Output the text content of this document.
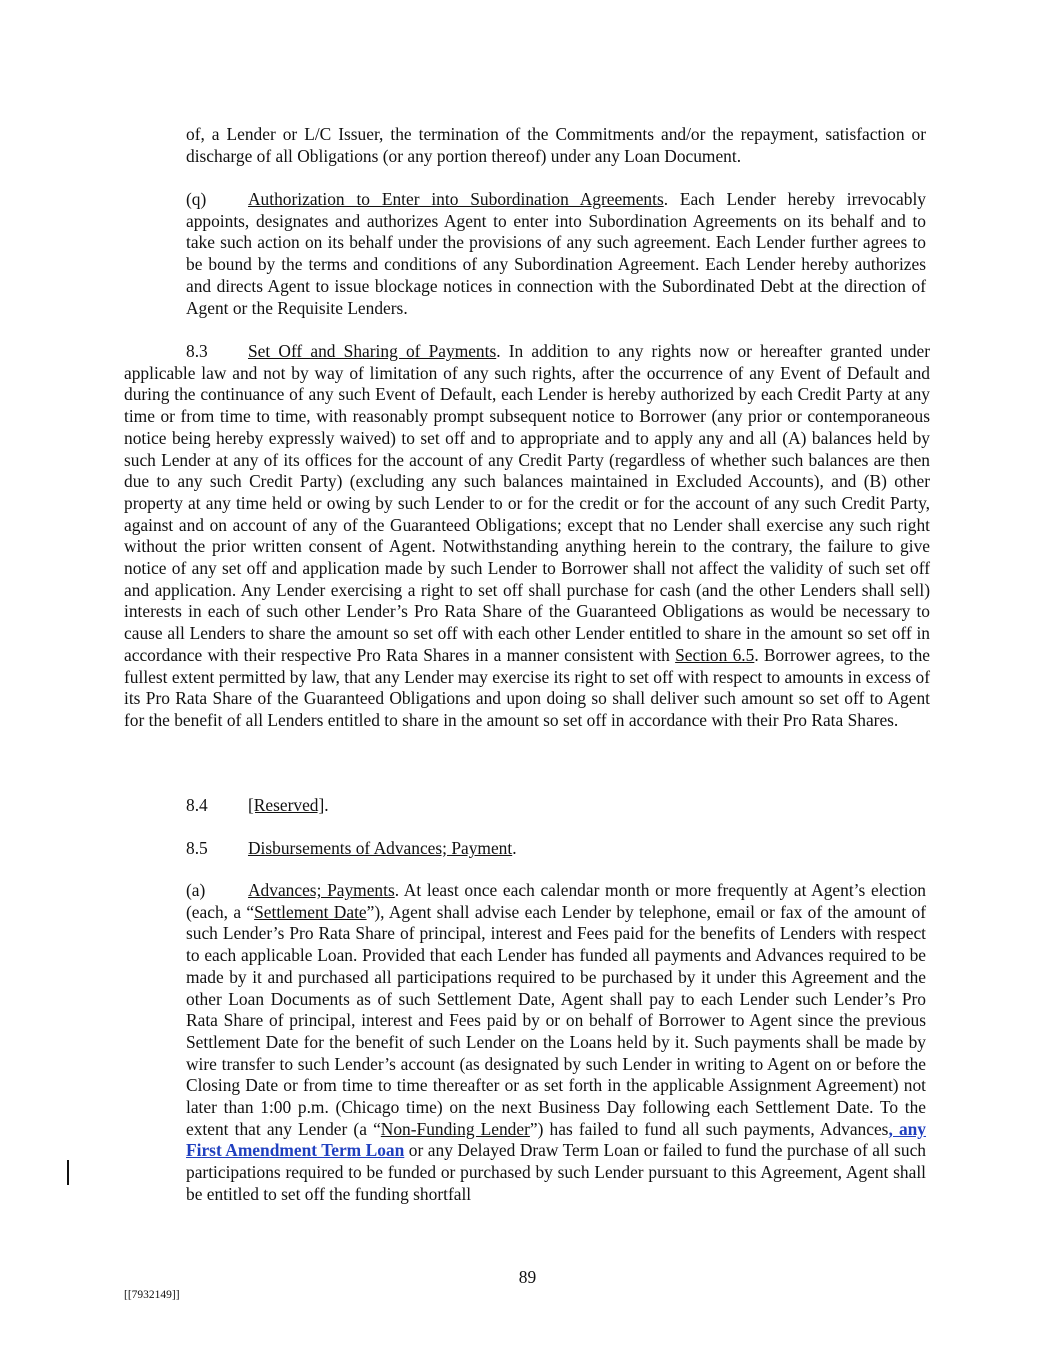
of, a Lender or L/C Issuer, the termination of the Commitments and/or the repayment, satisfaction or discharge of all Obligations (or any portion thereof) under any Loan Document.

(q) Authorization to Enter into Subordination Agreements. Each Lender hereby irrevocably appoints, designates and authorizes Agent to enter into Subordination Agreements on its behalf and to take such action on its behalf under the provisions of any such agreement. Each Lender further agrees to be bound by the terms and conditions of any Subordination Agreement. Each Lender hereby authorizes and directs Agent to issue blockage notices in connection with the Subordinated Debt at the direction of Agent or the Requisite Lenders.

8.3 Set Off and Sharing of Payments. In addition to any rights now or hereafter granted under applicable law and not by way of limitation of any such rights, after the occurrence of any Event of Default and during the continuance of any such Event of Default, each Lender is hereby authorized by each Credit Party at any time or from time to time, with reasonably prompt subsequent notice to Borrower (any prior or contemporaneous notice being hereby expressly waived) to set off and to appropriate and to apply any and all (A) balances held by such Lender at any of its offices for the account of any Credit Party (regardless of whether such balances are then due to any such Credit Party) (excluding any such balances maintained in Excluded Accounts), and (B) other property at any time held or owing by such Lender to or for the credit or for the account of any such Credit Party, against and on account of any of the Guaranteed Obligations; except that no Lender shall exercise any such right without the prior written consent of Agent. Notwithstanding anything herein to the contrary, the failure to give notice of any set off and application made by such Lender to Borrower shall not affect the validity of such set off and application. Any Lender exercising a right to set off shall purchase for cash (and the other Lenders shall sell) interests in each of such other Lender’s Pro Rata Share of the Guaranteed Obligations as would be necessary to cause all Lenders to share the amount so set off with each other Lender entitled to share in the amount so set off in accordance with their respective Pro Rata Shares in a manner consistent with Section 6.5. Borrower agrees, to the fullest extent permitted by law, that any Lender may exercise its right to set off with respect to amounts in excess of its Pro Rata Share of the Guaranteed Obligations and upon doing so shall deliver such amount so set off to Agent for the benefit of all Lenders entitled to share in the amount so set off in accordance with their Pro Rata Shares.

8.4 [Reserved].

8.5 Disbursements of Advances; Payment.

(a) Advances; Payments. At least once each calendar month or more frequently at Agent’s election (each, a “Settlement Date”), Agent shall advise each Lender by telephone, email or fax of the amount of such Lender’s Pro Rata Share of principal, interest and Fees paid for the benefits of Lenders with respect to each applicable Loan. Provided that each Lender has funded all payments and Advances required to be made by it and purchased all participations required to be purchased by it under this Agreement and the other Loan Documents as of such Settlement Date, Agent shall pay to each Lender such Lender’s Pro Rata Share of principal, interest and Fees paid by or on behalf of Borrower to Agent since the previous Settlement Date for the benefit of such Lender on the Loans held by it. Such payments shall be made by wire transfer to such Lender’s account (as designated by such Lender in writing to Agent on or before the Closing Date or from time to time thereafter or as set forth in the applicable Assignment Agreement) not later than 1:00 p.m. (Chicago time) on the next Business Day following each Settlement Date. To the extent that any Lender (a “Non-Funding Lender”) has failed to fund all such payments, Advances, any First Amendment Term Loan or any Delayed Draw Term Loan or failed to fund the purchase of all such participations required to be funded or purchased by such Lender pursuant to this Agreement, Agent shall be entitled to set off the funding shortfall

89
[[7932149]]
